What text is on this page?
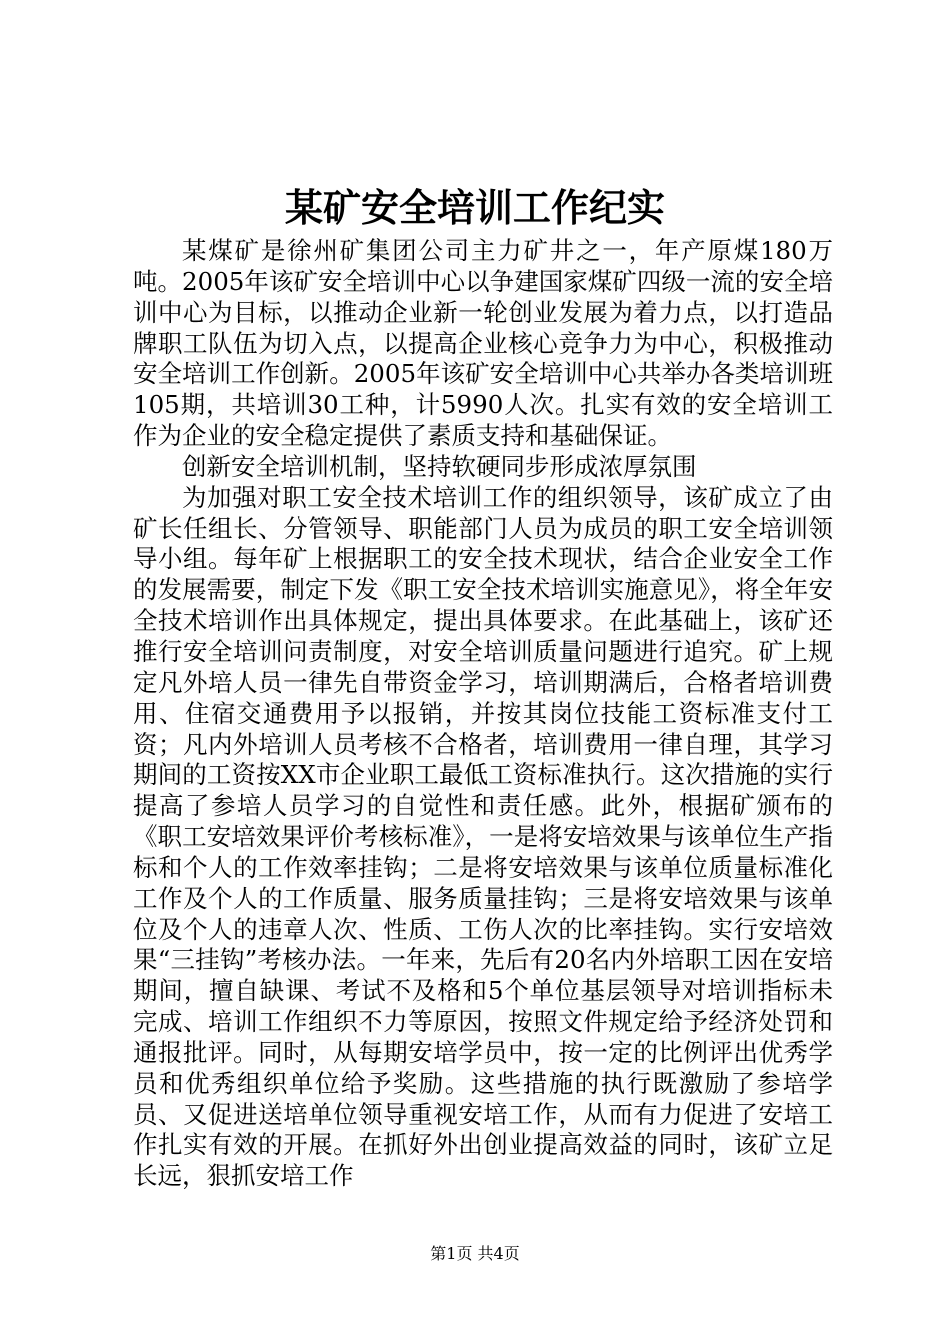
某矿安全培训工作纪实

某煤矿是徐州矿集团公司主力矿井之一，年产原煤180万吨。2005年该矿安全培训中心以争建国家煤矿四级一流的安全培训中心为目标，以推动企业新一轮创业发展为着力点，以打造品牌职工队伍为切入点，以提高企业核心竞争力为中心，积极推动安全培训工作创新。2005年该矿安全培训中心共举办各类培训班105期，共培训30工种，计5990人次。扎实有效的安全培训工作为企业的安全稳定提供了素质支持和基础保证。

创新安全培训机制，坚持软硬同步形成浓厚氛围

为加强对职工安全技术培训工作的组织领导，该矿成立了由矿长任组长、分管领导、职能部门人员为成员的职工安全培训领导小组。每年矿上根据职工的安全技术现状，结合企业安全工作的发展需要，制定下发《职工安全技术培训实施意见》，将全年安全技术培训作出具体规定，提出具体要求。在此基础上，该矿还推行安全培训问责制度，对安全培训质量问题进行追究。矿上规定凡外培人员一律先自带资金学习，培训期满后，合格者培训费用、住宿交通费用予以报销，并按其岗位技能工资标准支付工资；凡内外培训人员考核不合格者，培训费用一律自理，其学习期间的工资按XX市企业职工最低工资标准执行。这次措施的实行提高了参培人员学习的自觉性和责任感。此外，根据矿颁布的《职工安培效果评价考核标准》，一是将安培效果与该单位生产指标和个人的工作效率挂钩；二是将安培效果与该单位质量标准化工作及个人的工作质量、服务质量挂钩；三是将安培效果与该单位及个人的违章人次、性质、工伤人次的比率挂钩。实行安培效果“三挂钩”考核办法。一年来，先后有20名内外培职工因在安培期间，擅自缺课、考试不及格和5个单位基层领导对培训指标未完成、培训工作组织不力等原因，按照文件规定给予经济处罚和通报批评。同时，从每期安培学员中，按一定的比例评出优秀学员和优秀组织单位给予奖励。这些措施的执行既激励了参培学员、又促进送培单位领导重视安培工作，从而有力促进了安培工作扎实有效的开展。在抓好外出创业提高效益的同时，该矿立足长远，狠抓安培工作

第1页 共4页
